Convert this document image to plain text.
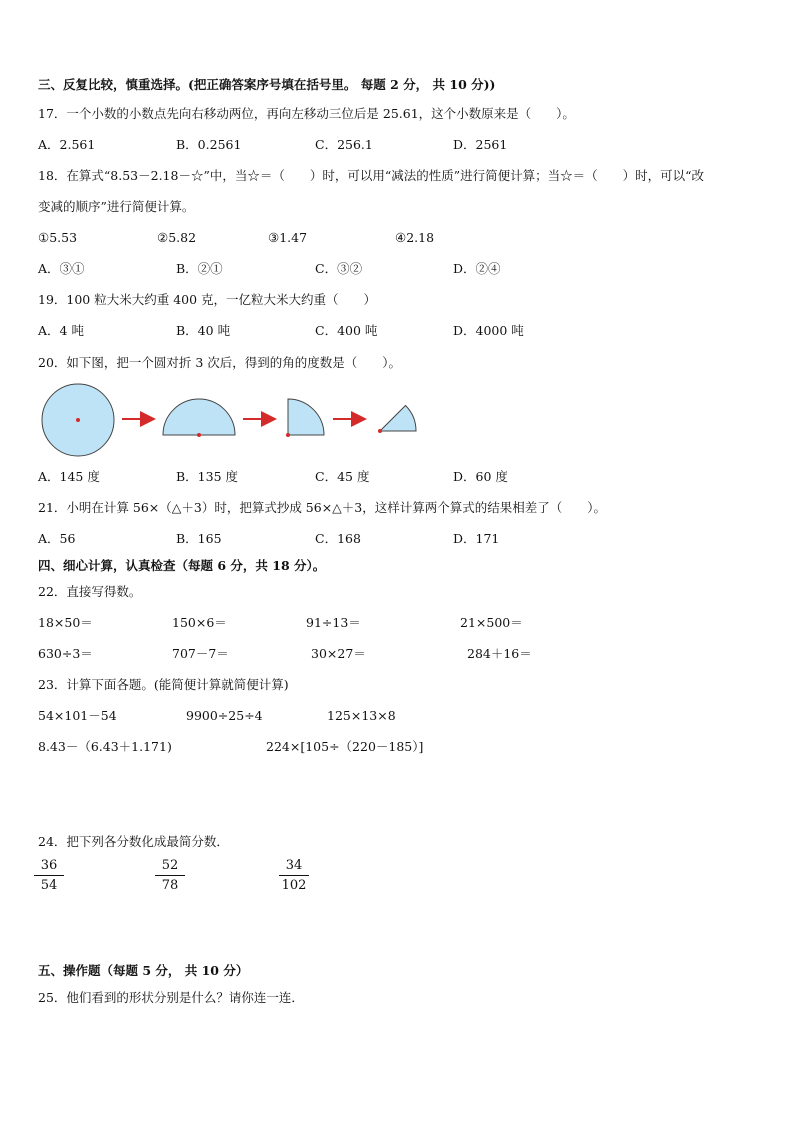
三、反复比较，慎重选择。(把正确答案序号填在括号里。 每题 2 分， 共 10 分))
17．一个小数的小数点先向右移动两位，再向左移动三位后是 25.61，这个小数原来是（　　）。
A．2.561	B．0.2561	C．256.1	D．2561
18．在算式“8.53－2.18－☆”中，当☆＝（　　）时，可以用“减法的性质”进行简便计算；当☆＝（　　）时，可以“改
变减的顺序”进行简便计算。
①5.53	②5.82	③1.47	④2.18
A．③①	B．②①	C．③②	D．②④
19．100 粒大米大约重 400 克，一亿粒大米大约重（　　）
A．4 吨	B．40 吨	C．400 吨	D．4000 吨
20．如下图，把一个圆对折 3 次后，得到的角的度数是（　　）。
A．145 度	B．135 度	C．45 度	D．60 度
21．小明在计算 56×（△＋3）时，把算式抄成 56×△＋3，这样计算两个算式的结果相差了（　　）。
A．56	B．165	C．168	D．171
四、细心计算，认真检查（每题 6 分，共 18 分）。
22．直接写得数。
18×50＝	150×6＝	91÷13＝	21×500＝
630÷3＝	707－7＝	30×27＝	284＋16＝
23．计算下面各题。(能简便计算就简便计算)
54×101－54	9900÷25÷4	125×13×8
8.43－（6.43＋1.171)	224×[105÷（220－185）]
24．把下列各分数化成最简分数．
36
54
52
78
34
102
五、操作题（每题 5 分， 共 10 分）
25．他们看到的形状分别是什么？请你连一连．
